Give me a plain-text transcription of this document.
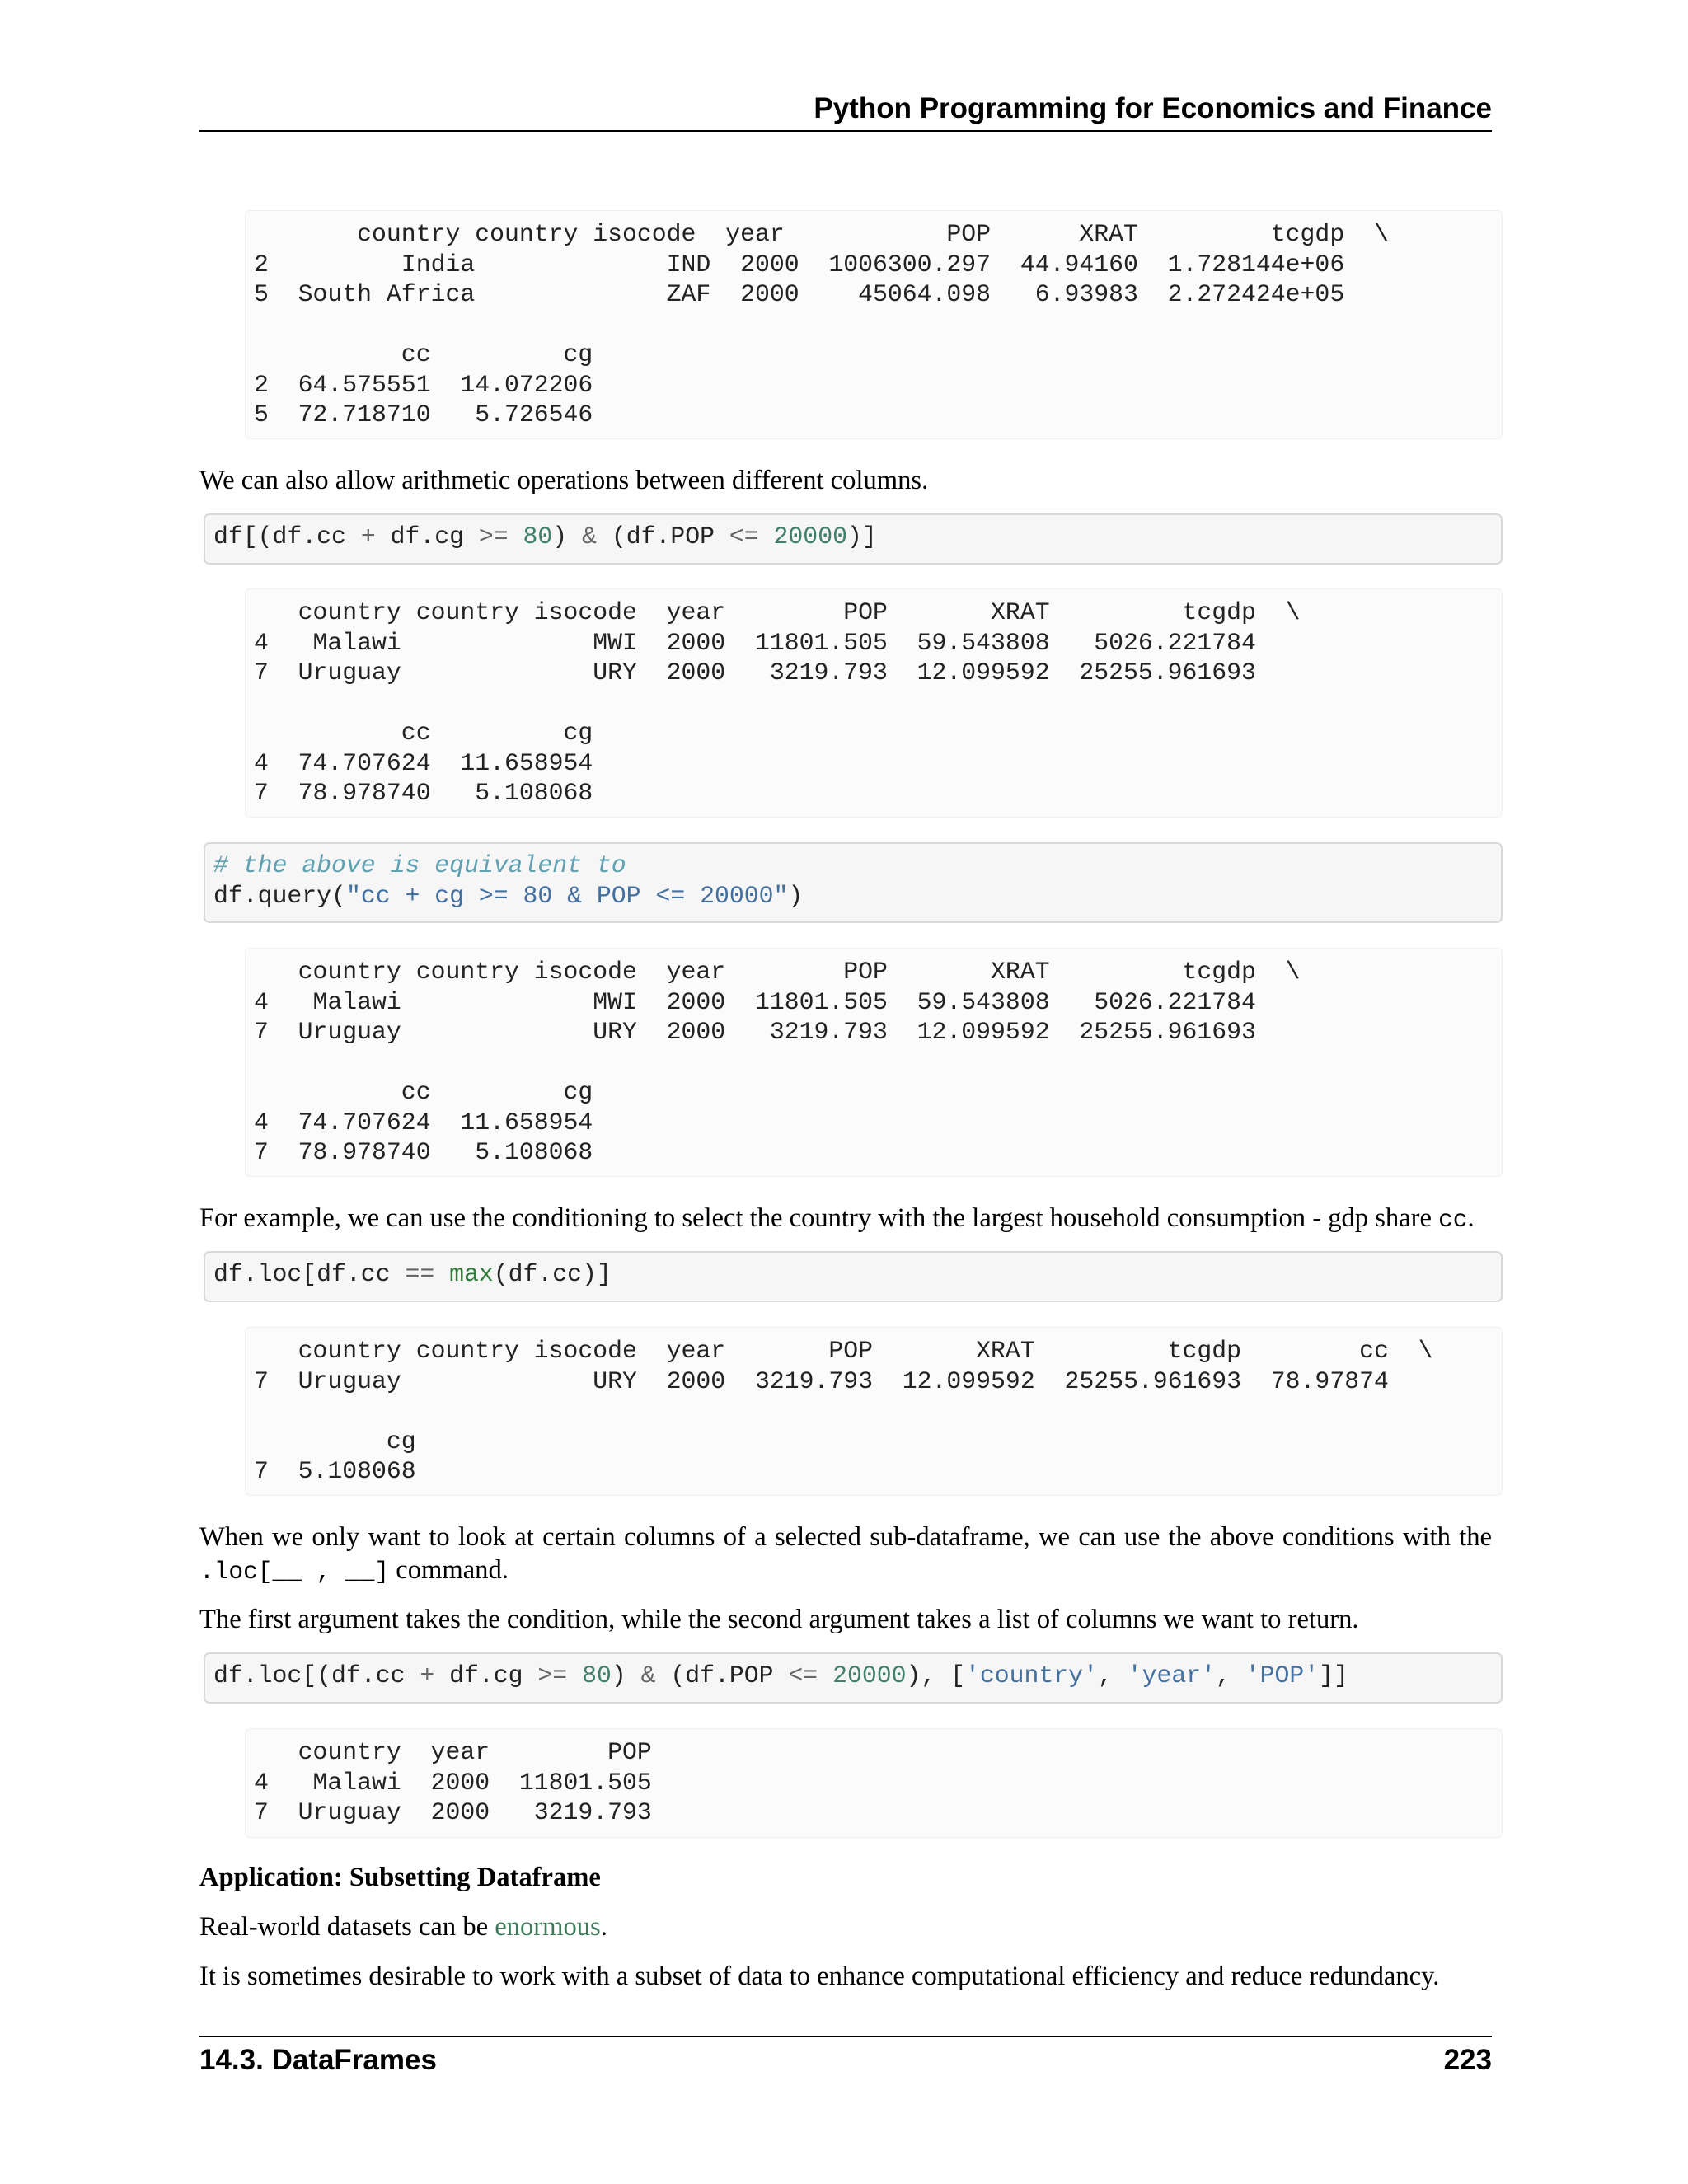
Python Programming for Economics and Finance
country country isocode  year           POP      XRAT         tcgdp  \
2         India             IND  2000  1006300.297  44.94160  1.728144e+06
5  South Africa             ZAF  2000    45064.098   6.93983  2.272424e+05

cc         cg
2  64.575551  14.072206
5  72.718710   5.726546
We can also allow arithmetic operations between different columns.
df[(df.cc + df.cg >= 80) & (df.POP <= 20000)]
country country isocode  year        POP       XRAT         tcgdp  \
4   Malawi             MWI  2000  11801.505  59.543808   5026.221784
7  Uruguay             URY  2000   3219.793  12.099592  25255.961693

cc         cg
4  74.707624  11.658954
7  78.978740   5.108068
# the above is equivalent to
df.query("cc + cg >= 80 & POP <= 20000")
country country isocode  year        POP       XRAT         tcgdp  \
4   Malawi             MWI  2000  11801.505  59.543808   5026.221784
7  Uruguay             URY  2000   3219.793  12.099592  25255.961693

cc         cg
4  74.707624  11.658954
7  78.978740   5.108068
For example, we can use the conditioning to select the country with the largest household consumption - gdp share cc.
df.loc[df.cc == max(df.cc)]
country country isocode  year       POP       XRAT         tcgdp        cc  \
7  Uruguay             URY  2000  3219.793  12.099592  25255.961693  78.97874

cg
7  5.108068
When we only want to look at certain columns of a selected sub-dataframe, we can use the above conditions with the .loc[__ , __] command.
The first argument takes the condition, while the second argument takes a list of columns we want to return.
df.loc[(df.cc + df.cg >= 80) & (df.POP <= 20000), ['country', 'year', 'POP']]
country  year        POP
4   Malawi  2000  11801.505
7  Uruguay  2000   3219.793
Application: Subsetting Dataframe
Real-world datasets can be enormous.
It is sometimes desirable to work with a subset of data to enhance computational efficiency and reduce redundancy.
14.3. DataFrames	223
